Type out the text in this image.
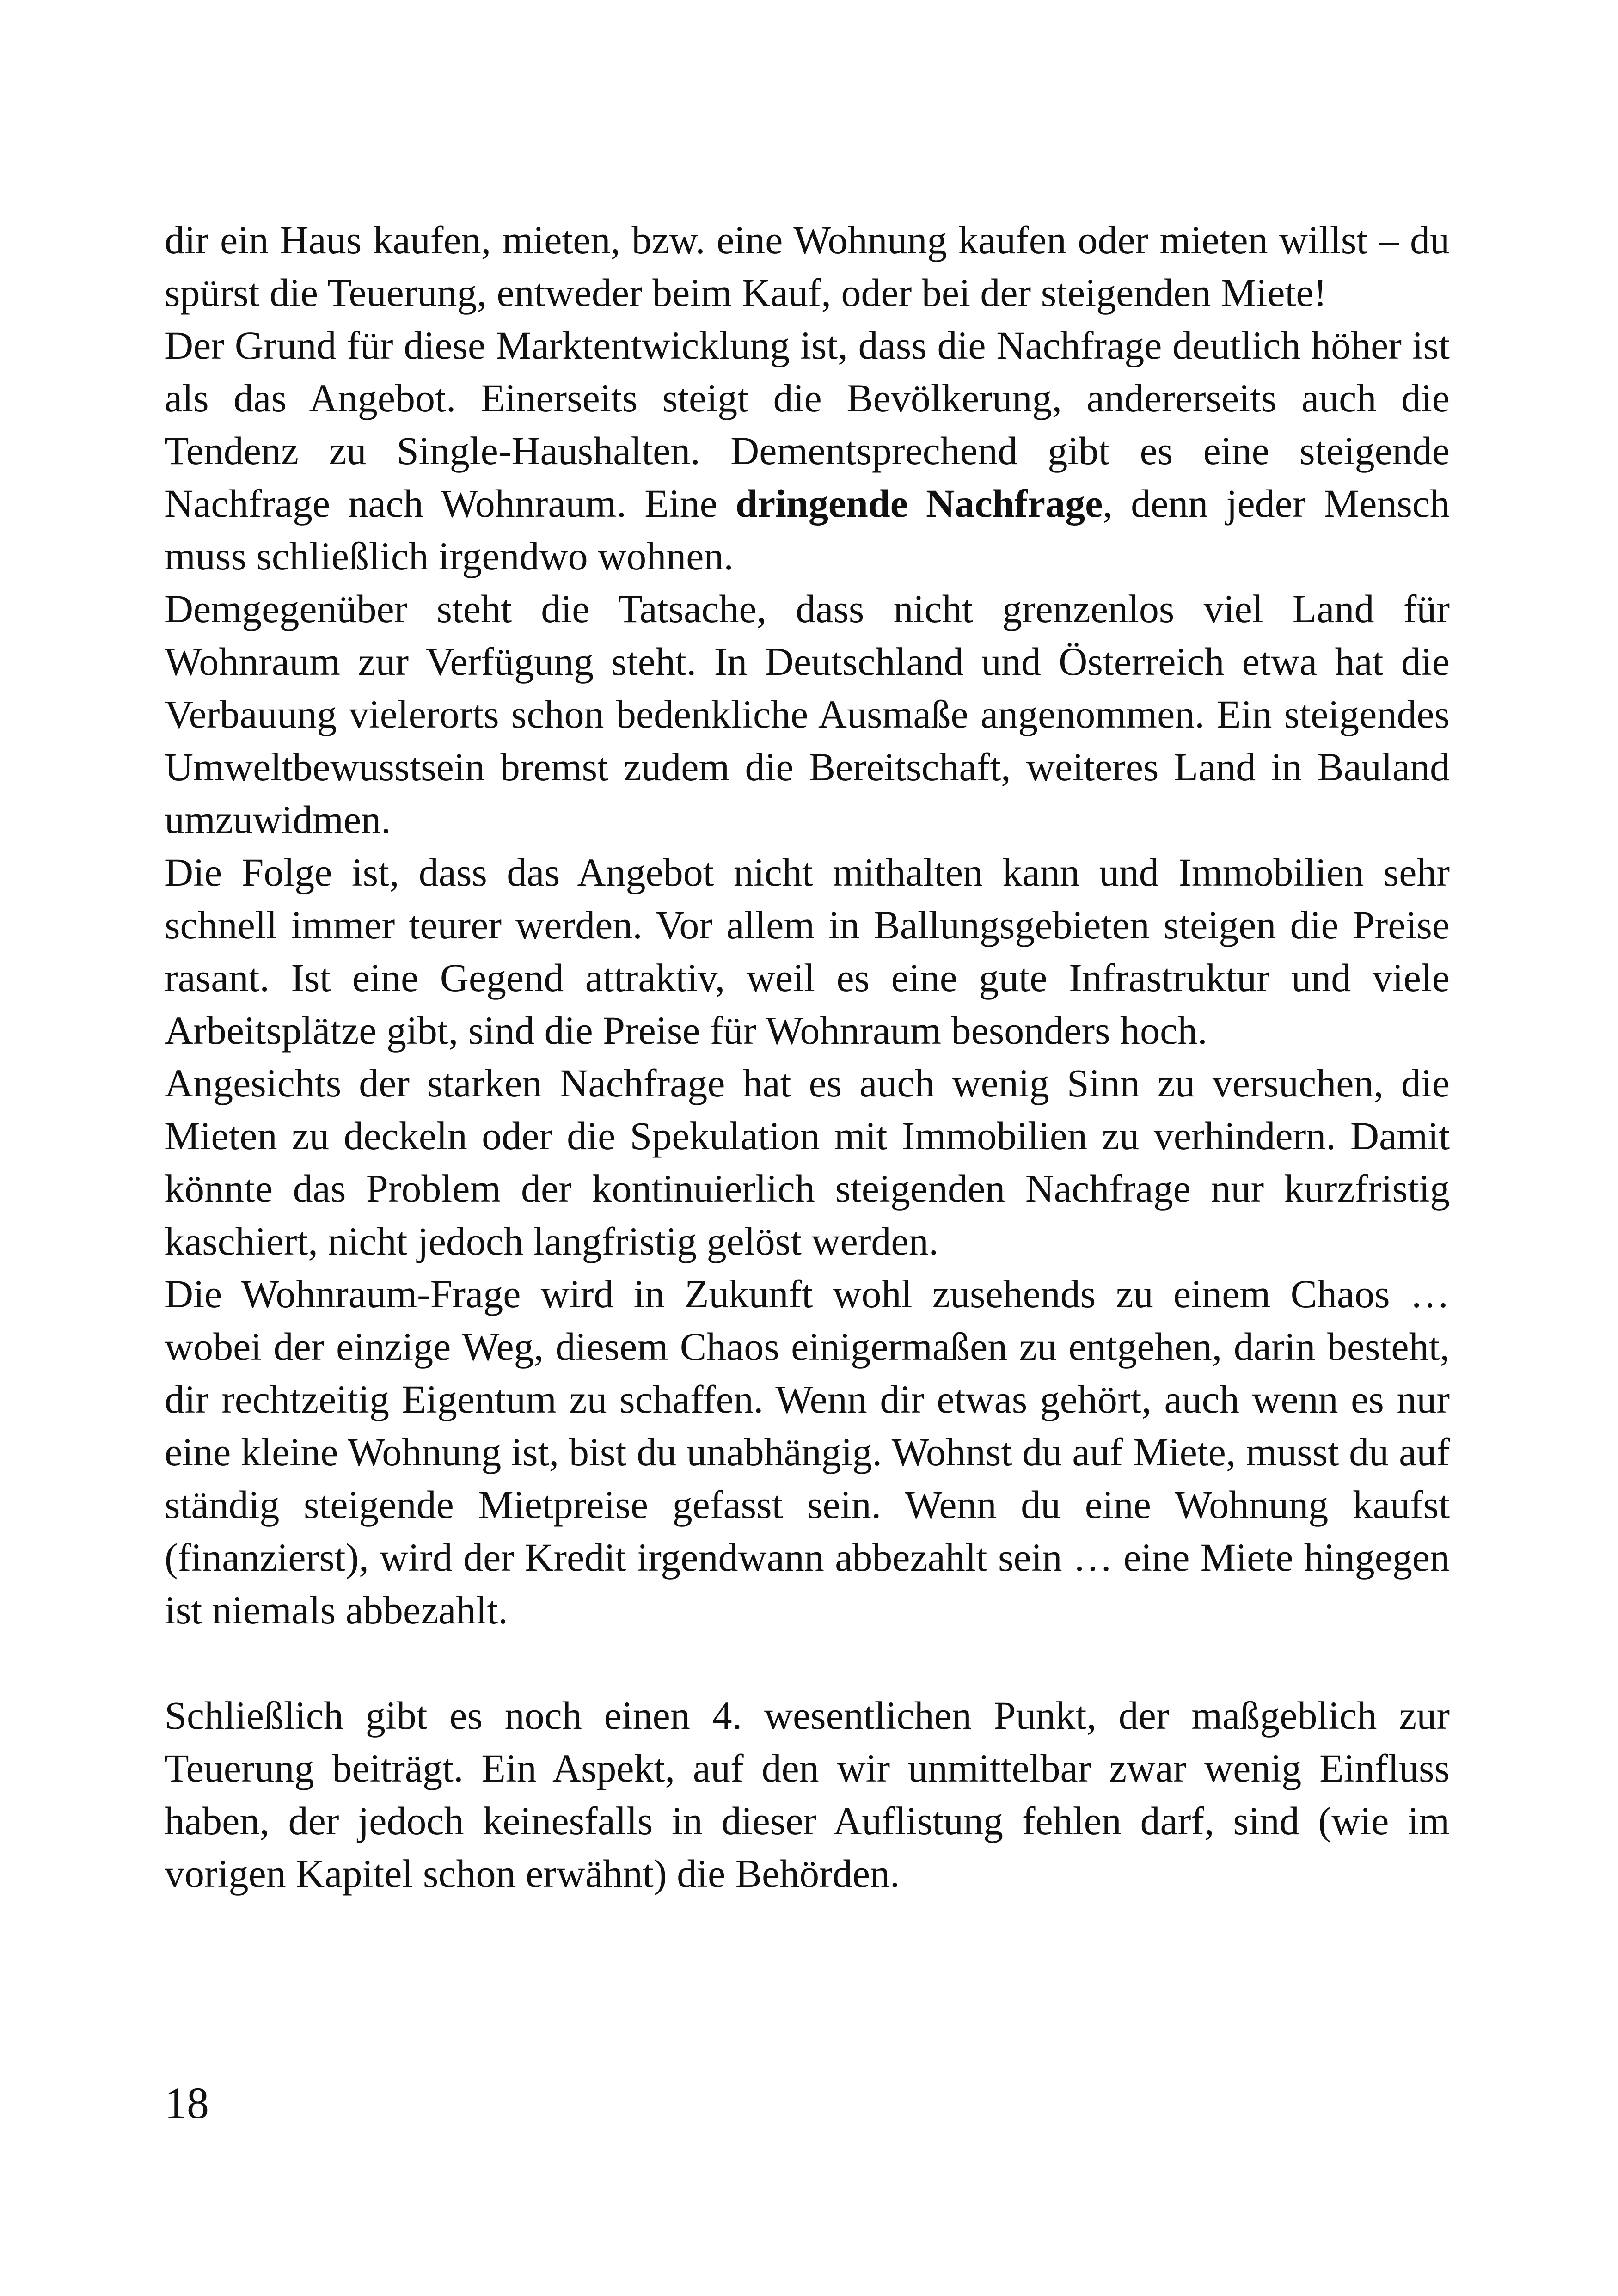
dir ein Haus kaufen, mieten, bzw. eine Wohnung kaufen oder mieten willst – du spürst die Teuerung, entweder beim Kauf, oder bei der steigenden Miete!

Der Grund für diese Marktentwicklung ist, dass die Nachfrage deutlich höher ist als das Angebot. Einerseits steigt die Bevölkerung, andererseits auch die Tendenz zu Single-Haushalten. Dementsprechend gibt es eine steigende Nachfrage nach Wohnraum. Eine dringende Nachfrage, denn jeder Mensch muss schließlich irgendwo wohnen.

Demgegenüber steht die Tatsache, dass nicht grenzenlos viel Land für Wohnraum zur Verfügung steht. In Deutschland und Österreich etwa hat die Verbauung vielerorts schon bedenkliche Ausmaße angenommen. Ein steigendes Umweltbewusstsein bremst zudem die Bereitschaft, weiteres Land in Bauland umzuwidmen.

Die Folge ist, dass das Angebot nicht mithalten kann und Immobilien sehr schnell immer teurer werden. Vor allem in Ballungsgebieten steigen die Preise rasant. Ist eine Gegend attraktiv, weil es eine gute Infrastruktur und viele Arbeitsplätze gibt, sind die Preise für Wohnraum besonders hoch.

Angesichts der starken Nachfrage hat es auch wenig Sinn zu versuchen, die Mieten zu deckeln oder die Spekulation mit Immobilien zu verhindern. Damit könnte das Problem der kontinuierlich steigenden Nachfrage nur kurzfristig kaschiert, nicht jedoch langfristig gelöst werden.

Die Wohnraum-Frage wird in Zukunft wohl zusehends zu einem Chaos … wobei der einzige Weg, diesem Chaos einigermaßen zu entgehen, darin besteht, dir rechtzeitig Eigentum zu schaffen. Wenn dir etwas gehört, auch wenn es nur eine kleine Wohnung ist, bist du unabhängig. Wohnst du auf Miete, musst du auf ständig steigende Mietpreise gefasst sein. Wenn du eine Wohnung kaufst (finanzierst), wird der Kredit irgendwann abbezahlt sein … eine Miete hingegen ist niemals abbezahlt.

Schließlich gibt es noch einen 4. wesentlichen Punkt, der maßgeblich zur Teuerung beiträgt. Ein Aspekt, auf den wir unmittelbar zwar wenig Einfluss haben, der jedoch keinesfalls in dieser Auflistung fehlen darf, sind (wie im vorigen Kapitel schon erwähnt) die Behörden.

18
